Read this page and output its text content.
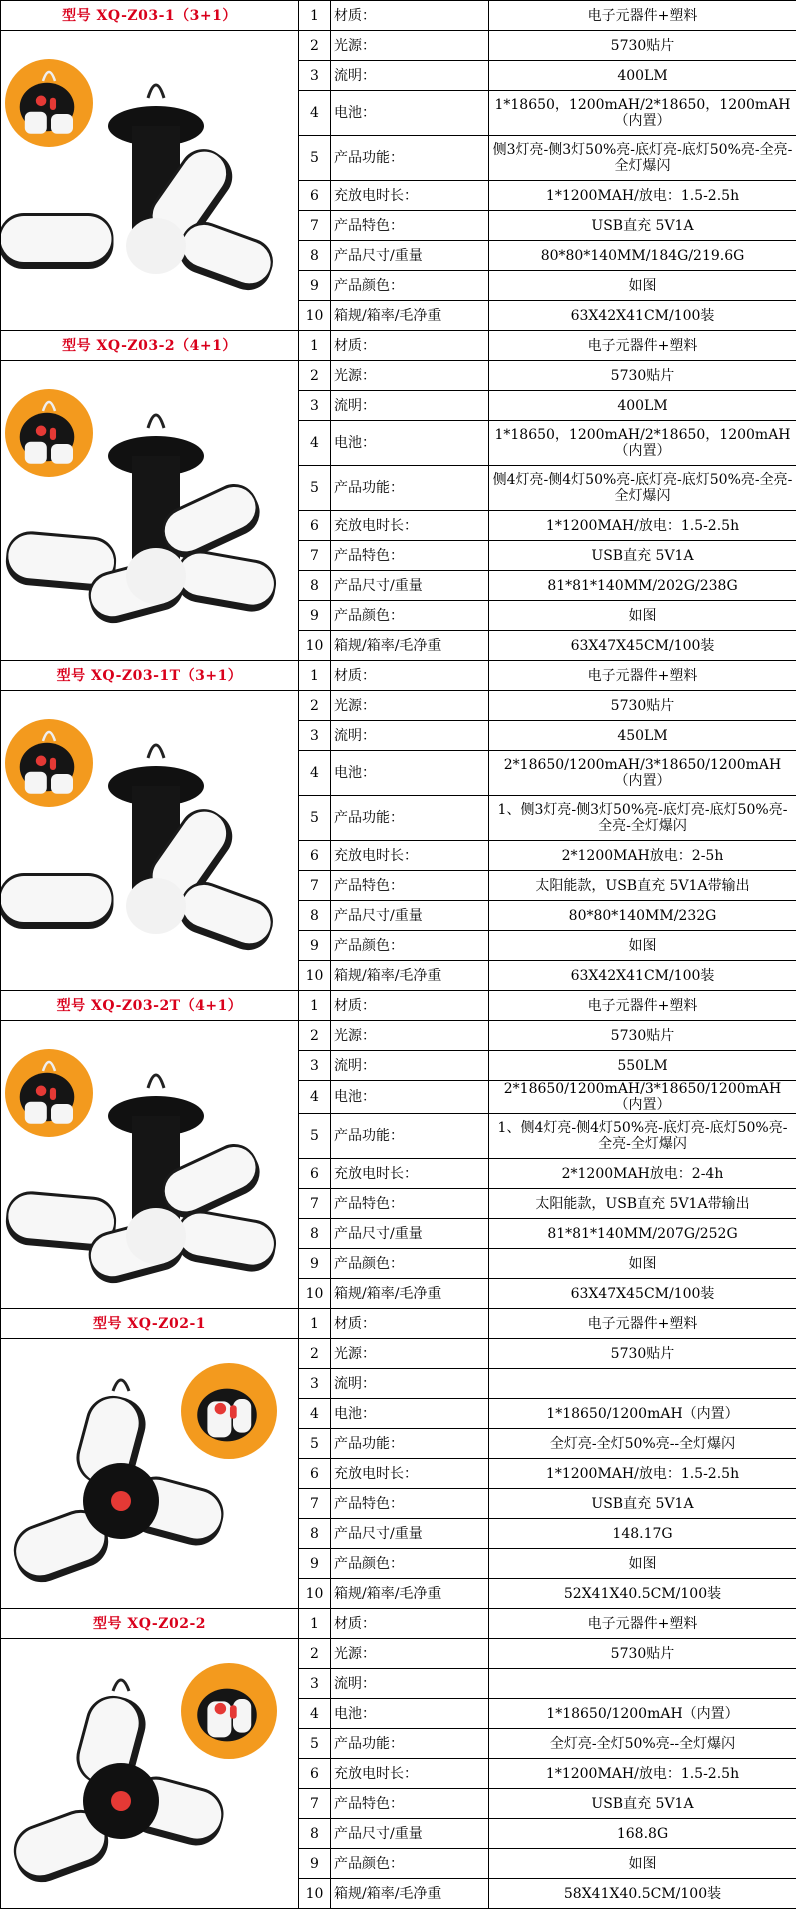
型号 XQ-Z03-1（3+1）	1	材质：	电子元器件+塑料

	2	光源：	5730贴片
	3	流明：	400LM
	4	电池：	1*18650，1200mAH/2*18650，1200mAH（内置）
	5	产品功能：	侧3灯亮-侧3灯50%亮-底灯亮-底灯50%亮-全亮-全灯爆闪
	6	充放电时长：	1*1200MAH/放电：1.5-2.5h
	7	产品特色：	USB直充 5V1A
	8	产品尺寸/重量	80*80*140MM/184G/219.6G
	9	产品颜色：	如图
	10	箱规/箱率/毛净重	63X42X41CM/100装
型号 XQ-Z03-2（4+1）	1	材质：	电子元器件+塑料

	2	光源：	5730贴片
	3	流明：	400LM
	4	电池：	1*18650，1200mAH/2*18650，1200mAH（内置）
	5	产品功能：	侧4灯亮-侧4灯50%亮-底灯亮-底灯50%亮-全亮-全灯爆闪
	6	充放电时长：	1*1200MAH/放电：1.5-2.5h
	7	产品特色：	USB直充 5V1A
	8	产品尺寸/重量	81*81*140MM/202G/238G
	9	产品颜色：	如图
	10	箱规/箱率/毛净重	63X47X45CM/100装
型号 XQ-Z03-1T（3+1）	1	材质：	电子元器件+塑料

	2	光源：	5730贴片
	3	流明：	450LM
	4	电池：	2*18650/1200mAH/3*18650/1200mAH（内置）
	5	产品功能：	1、侧3灯亮-侧3灯50%亮-底灯亮-底灯50%亮-全亮-全灯爆闪
	6	充放电时长：	2*1200MAH放电：2-5h
	7	产品特色：	太阳能款，USB直充 5V1A带输出
	8	产品尺寸/重量	80*80*140MM/232G
	9	产品颜色：	如图
	10	箱规/箱率/毛净重	63X42X41CM/100装
型号 XQ-Z03-2T（4+1）	1	材质：	电子元器件+塑料

	2	光源：	5730贴片
	3	流明：	550LM
	4	电池：	2*18650/1200mAH/3*18650/1200mAH（内置）
	5	产品功能：	1、侧4灯亮-侧4灯50%亮-底灯亮-底灯50%亮-全亮-全灯爆闪
	6	充放电时长：	2*1200MAH放电：2-4h
	7	产品特色：	太阳能款，USB直充 5V1A带输出
	8	产品尺寸/重量	81*81*140MM/207G/252G
	9	产品颜色：	如图
	10	箱规/箱率/毛净重	63X47X45CM/100装
型号 XQ-Z02-1	1	材质：	电子元器件+塑料

	2	光源：	5730贴片
	3	流明：	
	4	电池：	1*18650/1200mAH（内置）
	5	产品功能：	全灯亮-全灯50%亮--全灯爆闪
	6	充放电时长：	1*1200MAH/放电：1.5-2.5h
	7	产品特色：	USB直充 5V1A
	8	产品尺寸/重量	148.17G
	9	产品颜色：	如图
	10	箱规/箱率/毛净重	52X41X40.5CM/100装
型号 XQ-Z02-2	1	材质：	电子元器件+塑料

	2	光源：	5730贴片
	3	流明：	
	4	电池：	1*18650/1200mAH（内置）
	5	产品功能：	全灯亮-全灯50%亮--全灯爆闪
	6	充放电时长：	1*1200MAH/放电：1.5-2.5h
	7	产品特色：	USB直充 5V1A
	8	产品尺寸/重量	168.8G
	9	产品颜色：	如图
	10	箱规/箱率/毛净重	58X41X40.5CM/100装
